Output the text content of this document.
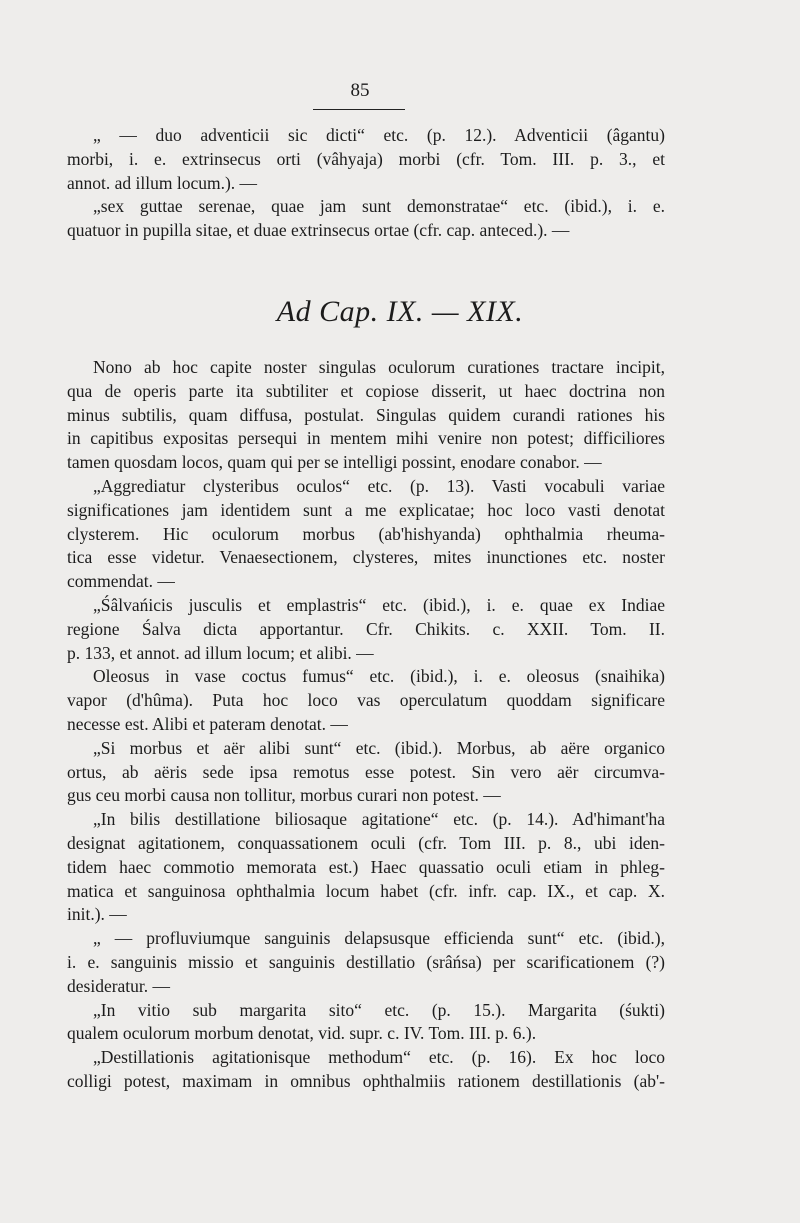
85
„ — duo adventicii sic dicti“ etc. (p. 12.). Adventicii (âgantu)
morbi, i. e. extrinsecus orti (vâhyaja) morbi (cfr. Tom. III. p. 3., et
annot. ad illum locum.). —
„sex guttae serenae, quae jam sunt demonstratae“ etc. (ibid.), i. e.
quatuor in pupilla sitae, et duae extrinsecus ortae (cfr. cap. anteced.). —
Ad Cap. IX. — XIX.
Nono ab hoc capite noster singulas oculorum curationes tractare incipit,
qua de operis parte ita subtiliter et copiose disserit, ut haec doctrina non
minus subtilis, quam diffusa, postulat. Singulas quidem curandi rationes his
in capitibus expositas persequi in mentem mihi venire non potest; difficiliores
tamen quosdam locos, quam qui per se intelligi possint, enodare conabor. —
„Aggrediatur clysteribus oculos“ etc. (p. 13). Vasti vocabuli variae
significationes jam identidem sunt a me explicatae; hoc loco vasti denotat
clysterem. Hic oculorum morbus (ab'hishyanda) ophthalmia rheuma-
tica esse videtur. Venaesectionem, clysteres, mites inunctiones etc. noster
commendat. —
„Śâlvańicis jusculis et emplastris“ etc. (ibid.), i. e. quae ex Indiae
regione Śalva dicta apportantur. Cfr. Chikits. c. XXII. Tom. II.
p. 133, et annot. ad illum locum; et alibi. —
Oleosus in vase coctus fumus“ etc. (ibid.), i. e. oleosus (snaihika)
vapor (d'hûma). Puta hoc loco vas operculatum quoddam significare
necesse est. Alibi et pateram denotat. —
„Si morbus et aër alibi sunt“ etc. (ibid.). Morbus, ab aëre organico
ortus, ab aëris sede ipsa remotus esse potest. Sin vero aër circumva-
gus ceu morbi causa non tollitur, morbus curari non potest. —
„In bilis destillatione biliosaque agitatione“ etc. (p. 14.). Ad'himant'ha
designat agitationem, conquassationem oculi (cfr. Tom III. p. 8., ubi iden-
tidem haec commotio memorata est.) Haec quassatio oculi etiam in phleg-
matica et sanguinosa ophthalmia locum habet (cfr. infr. cap. IX., et cap. X.
init.). —
„ — profluviumque sanguinis delapsusque efficienda sunt“ etc. (ibid.),
i. e. sanguinis missio et sanguinis destillatio (srâńsa) per scarificationem (?)
desideratur. —
„In vitio sub margarita sito“ etc. (p. 15.). Margarita (śukti)
qualem oculorum morbum denotat, vid. supr. c. IV. Tom. III. p. 6.).
„Destillationis agitationisque methodum“ etc. (p. 16). Ex hoc loco
colligi potest, maximam in omnibus ophthalmiis rationem destillationis (ab'-
